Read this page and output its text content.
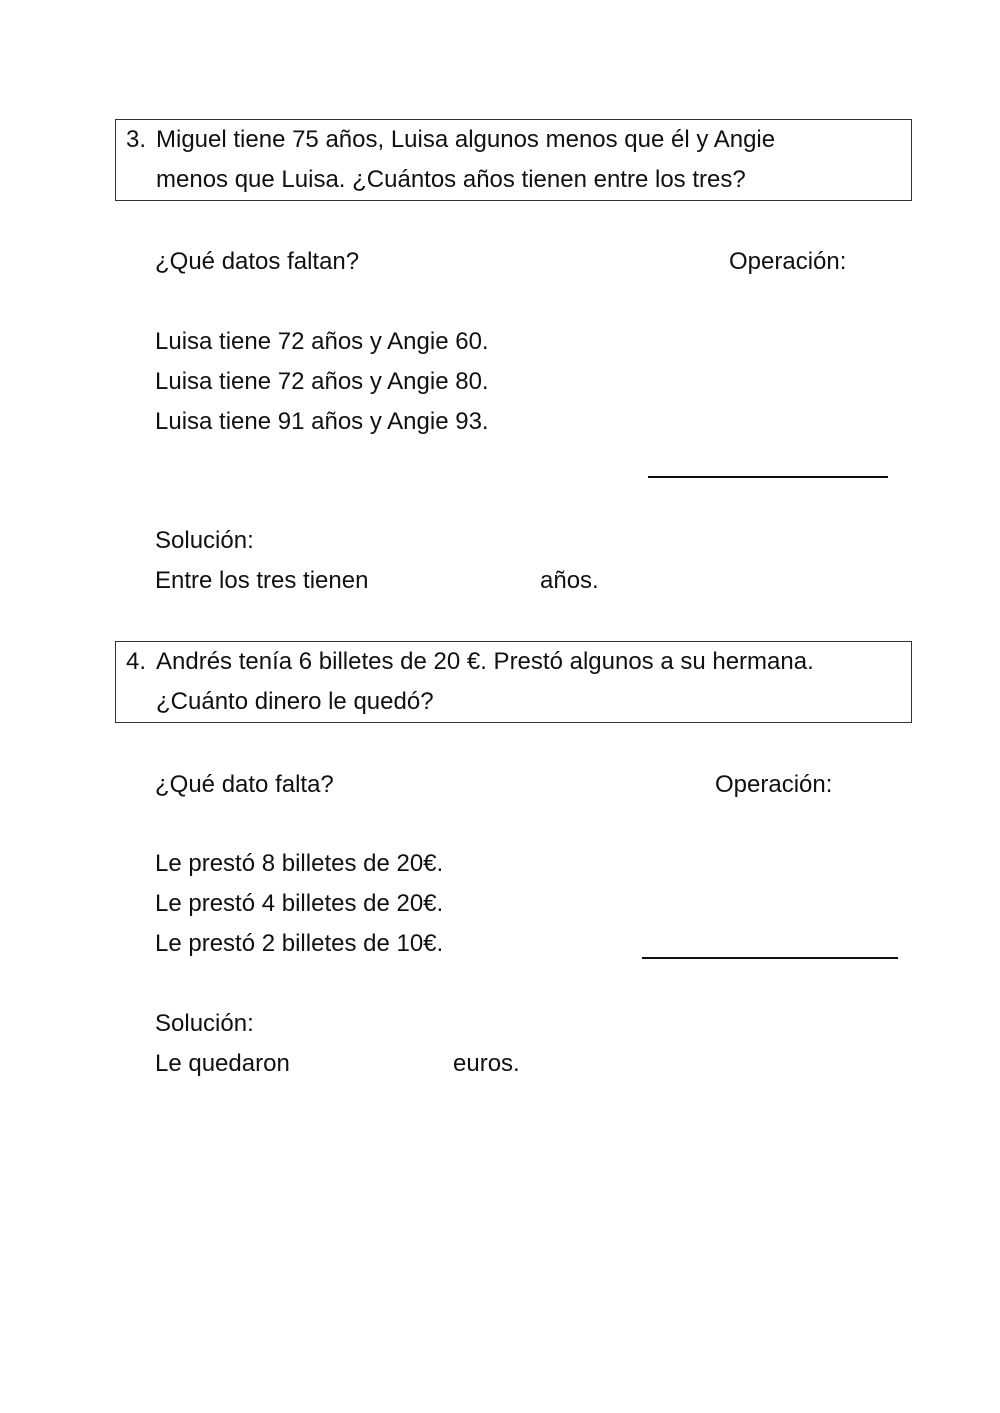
3. Miguel tiene 75 años, Luisa algunos menos que él y Angie
menos que Luisa. ¿Cuántos años tienen entre los tres?
¿Qué datos faltan?	Operación:
Luisa tiene 72 años y Angie 60.
Luisa tiene 72 años y Angie 80.
Luisa tiene 91 años y Angie 93.
Solución:
Entre los tres tienen	años.
4. Andrés tenía 6 billetes de 20 €. Prestó algunos a su hermana.
¿Cuánto dinero le quedó?
¿Qué dato falta?	Operación:
Le prestó 8 billetes de 20€.
Le prestó 4 billetes de 20€.
Le prestó 2 billetes de 10€.
Solución:
Le quedaron	euros.
